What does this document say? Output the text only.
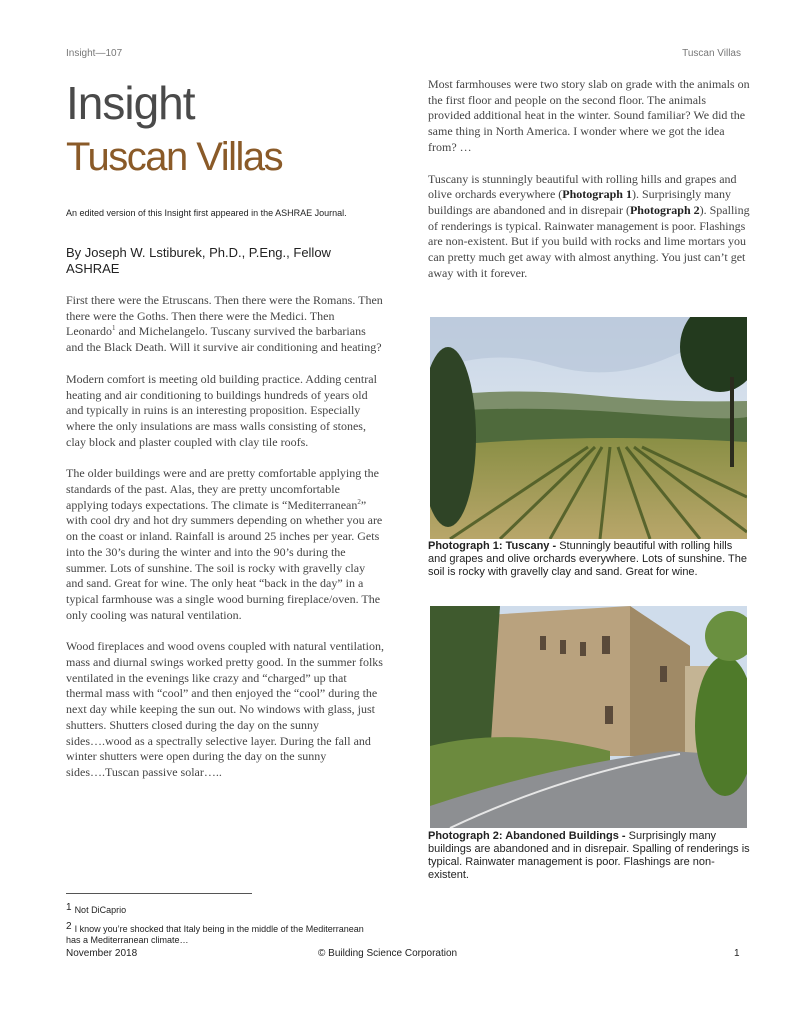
Insight—107	Tuscan Villas
Insight
Tuscan Villas
An edited version of this Insight first appeared in the ASHRAE Journal.
By Joseph W. Lstiburek, Ph.D., P.Eng., Fellow ASHRAE

First there were the Etruscans. Then there were the Romans. Then there were the Goths. Then there were the Medici. Then Leonardo$^1$ and Michelangelo. Tuscany survived the barbarians and the Black Death. Will it survive air conditioning and heating?

Modern comfort is meeting old building practice. Adding central heating and air conditioning to buildings hundreds of years old and typically in ruins is an interesting proposition. Especially where the only insulations are mass walls consisting of stones, clay block and plaster coupled with clay tile roofs.

The older buildings were and are pretty comfortable applying the standards of the past. Alas, they are pretty uncomfortable applying todays expectations. The climate is “Mediterranean$^2$” with cool dry and hot dry summers depending on whether you are on the coast or inland. Rainfall is around 25 inches per year. Gets into the 30’s during the winter and into the 90’s during the summer. Lots of sunshine. The soil is rocky with gravelly clay and sand. Great for wine. The only heat “back in the day” in a typical farmhouse was a single wood burning fireplace/oven. The only cooling was natural ventilation.

Wood fireplaces and wood ovens coupled with natural ventilation, mass and diurnal swings worked pretty good. In the summer folks ventilated in the evenings like crazy and “charged” up that thermal mass with “cool” and then enjoyed the “cool” during the next day while keeping the sun out. No windows with glass, just shutters. Shutters closed during the day on the sunny sides….wood as a spectrally selective layer. During the fall and winter shutters were open during the day on the sunny sides….Tuscan passive solar…..

Most farmhouses were two story slab on grade with the animals on the first floor and people on the second floor. The animals provided additional heat in the winter. Sound familiar? We did the same thing in North America. I wonder where we got the idea from? …

Tuscany is stunningly beautiful with rolling hills and grapes and olive orchards everywhere (Photograph 1). Surprisingly many buildings are abandoned and in disrepair (Photograph 2). Spalling of renderings is typical. Rainwater management is poor. Flashings are non-existent. But if you build with rocks and lime mortars you can pretty much get away with almost anything. You just can’t get away with it forever.

Photograph 1: Tuscany - Stunningly beautiful with rolling hills and grapes and olive orchards everywhere. Lots of sunshine. The soil is rocky with gravelly clay and sand. Great for wine.
Photograph 2: Abandoned Buildings - Surprisingly many buildings are abandoned and in disrepair. Spalling of renderings is typical. Rainwater management is poor. Flashings are non-existent.
1 Not DiCaprio
2 I know you’re shocked that Italy being in the middle of the Mediterranean has a Mediterranean climate…
November 2018	© Building Science Corporation	1
